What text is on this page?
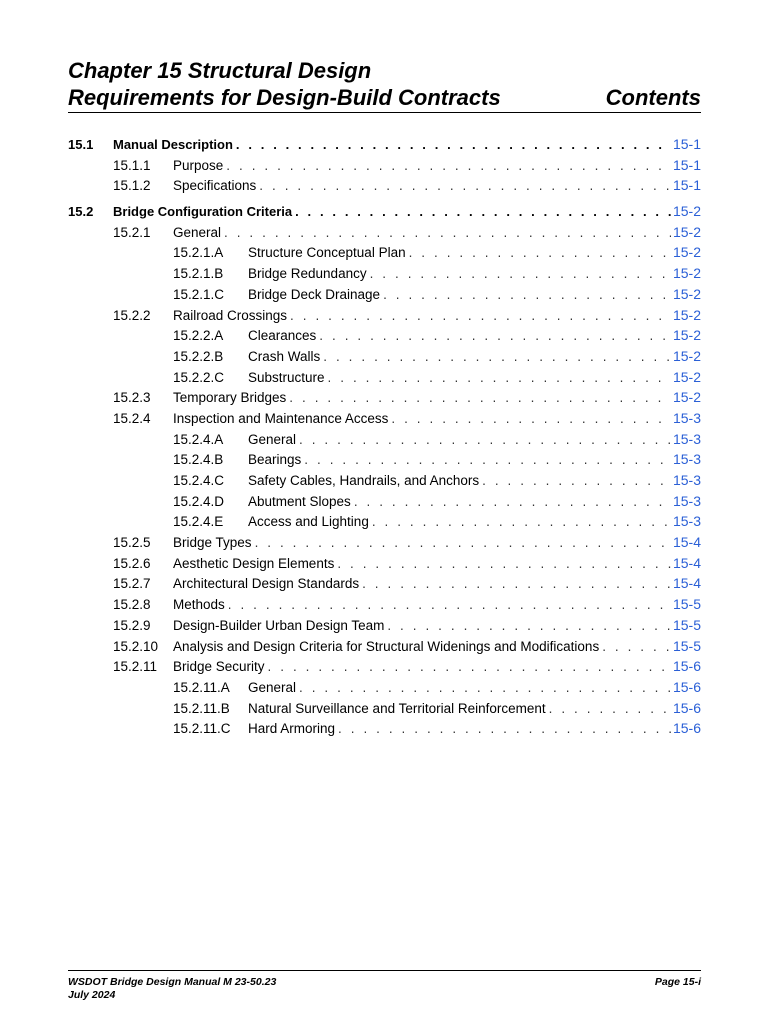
Chapter 15 Structural Design
Requirements for Design-Build Contracts	Contents
15.1	Manual Description . . .	15-1
15.1.1	Purpose . . .	15-1
15.1.2	Specifications . . .	15-1
15.2	Bridge Configuration Criteria . . .	15-2
15.2.1	General . . .	15-2
15.2.1.A	Structure Conceptual Plan . . .	15-2
15.2.1.B	Bridge Redundancy . . .	15-2
15.2.1.C	Bridge Deck Drainage . . .	15-2
15.2.2	Railroad Crossings . . .	15-2
15.2.2.A	Clearances . . .	15-2
15.2.2.B	Crash Walls . . .	15-2
15.2.2.C	Substructure . . .	15-2
15.2.3	Temporary Bridges . . .	15-2
15.2.4	Inspection and Maintenance Access . . .	15-3
15.2.4.A	General . . .	15-3
15.2.4.B	Bearings . . .	15-3
15.2.4.C	Safety Cables, Handrails, and Anchors . . .	15-3
15.2.4.D	Abutment Slopes . . .	15-3
15.2.4.E	Access and Lighting . . .	15-3
15.2.5	Bridge Types . . .	15-4
15.2.6	Aesthetic Design Elements . . .	15-4
15.2.7	Architectural Design Standards . . .	15-4
15.2.8	Methods . . .	15-5
15.2.9	Design-Builder Urban Design Team . . .	15-5
15.2.10	Analysis and Design Criteria for Structural Widenings and Modifications . . .	15-5
15.2.11	Bridge Security . . .	15-6
15.2.11.A	General . . .	15-6
15.2.11.B	Natural Surveillance and Territorial Reinforcement . . .	15-6
15.2.11.C	Hard Armoring . . .	15-6
WSDOT Bridge Design Manual M 23-50.23
July 2024
Page 15-i
